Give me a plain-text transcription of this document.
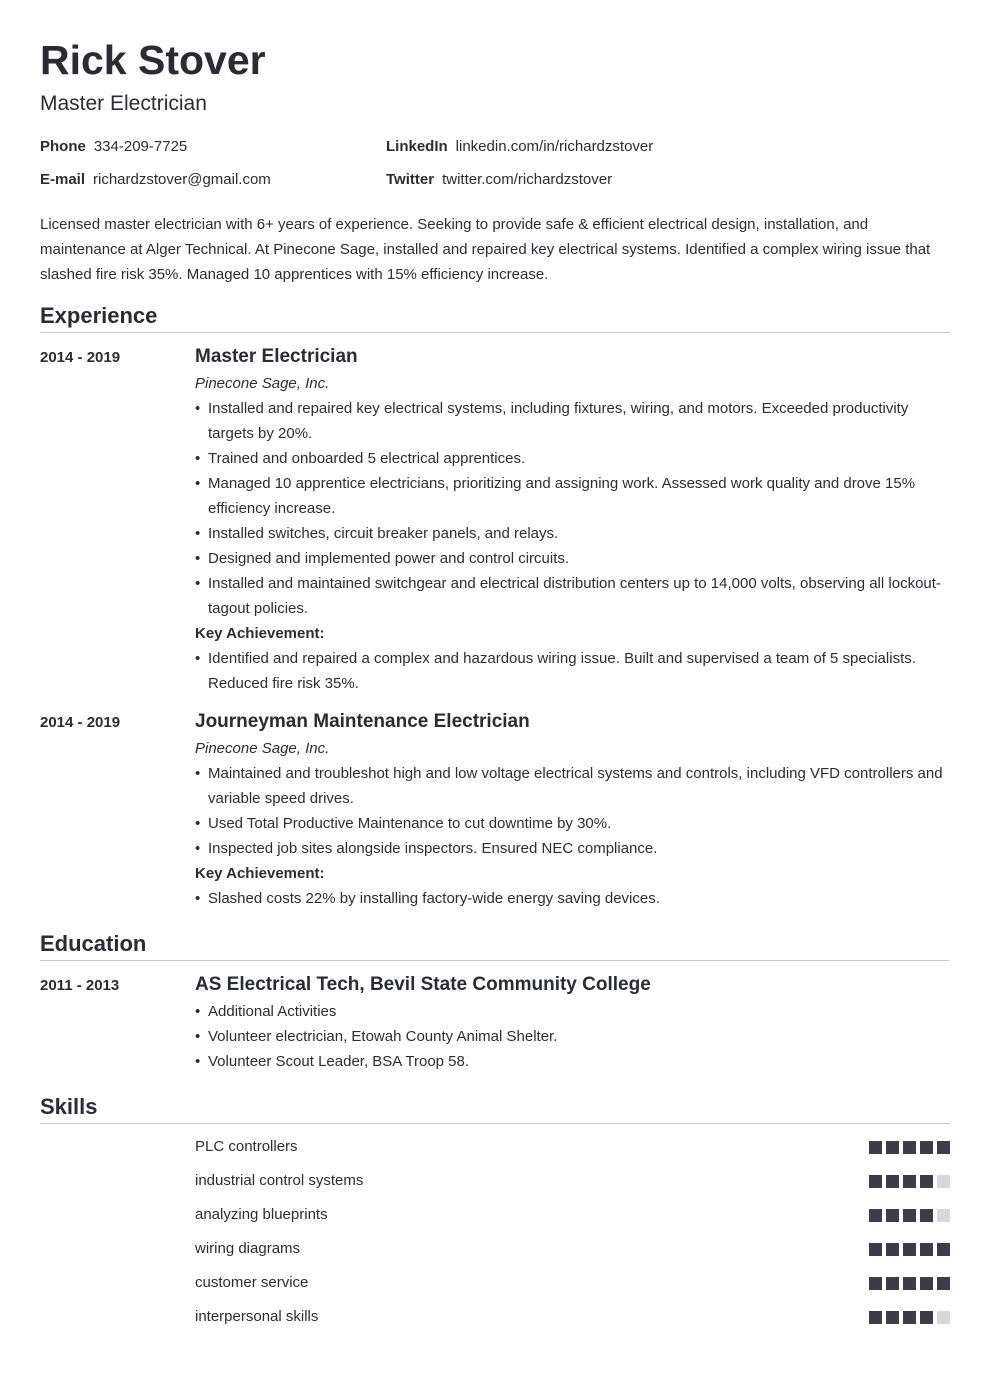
Rick Stover
Master Electrician
Phone 334-209-7725	LinkedIn linkedin.com/in/richardzstover
E-mail richardzstover@gmail.com	Twitter twitter.com/richardzstover

Licensed master electrician with 6+ years of experience. Seeking to provide safe & efficient electrical design, installation, and maintenance at Alger Technical. At Pinecone Sage, installed and repaired key electrical systems. Identified a complex wiring issue that slashed fire risk 35%. Managed 10 apprentices with 15% efficiency increase.

Experience
2014 - 2019	Master Electrician
Pinecone Sage, Inc.
• Installed and repaired key electrical systems, including fixtures, wiring, and motors. Exceeded productivity targets by 20%.
• Trained and onboarded 5 electrical apprentices.
• Managed 10 apprentice electricians, prioritizing and assigning work. Assessed work quality and drove 15% efficiency increase.
• Installed switches, circuit breaker panels, and relays.
• Designed and implemented power and control circuits.
• Installed and maintained switchgear and electrical distribution centers up to 14,000 volts, observing all lockout-tagout policies.
Key Achievement:
• Identified and repaired a complex and hazardous wiring issue. Built and supervised a team of 5 specialists. Reduced fire risk 35%.
2014 - 2019	Journeyman Maintenance Electrician
Pinecone Sage, Inc.
• Maintained and troubleshot high and low voltage electrical systems and controls, including VFD controllers and variable speed drives.
• Used Total Productive Maintenance to cut downtime by 30%.
• Inspected job sites alongside inspectors. Ensured NEC compliance.
Key Achievement:
• Slashed costs 22% by installing factory-wide energy saving devices.
Education
2011 - 2013	AS Electrical Tech, Bevil State Community College
• Additional Activities
• Volunteer electrician, Etowah County Animal Shelter.
• Volunteer Scout Leader, BSA Troop 58.
Skills
PLC controllers
industrial control systems
analyzing blueprints
wiring diagrams
customer service
interpersonal skills
